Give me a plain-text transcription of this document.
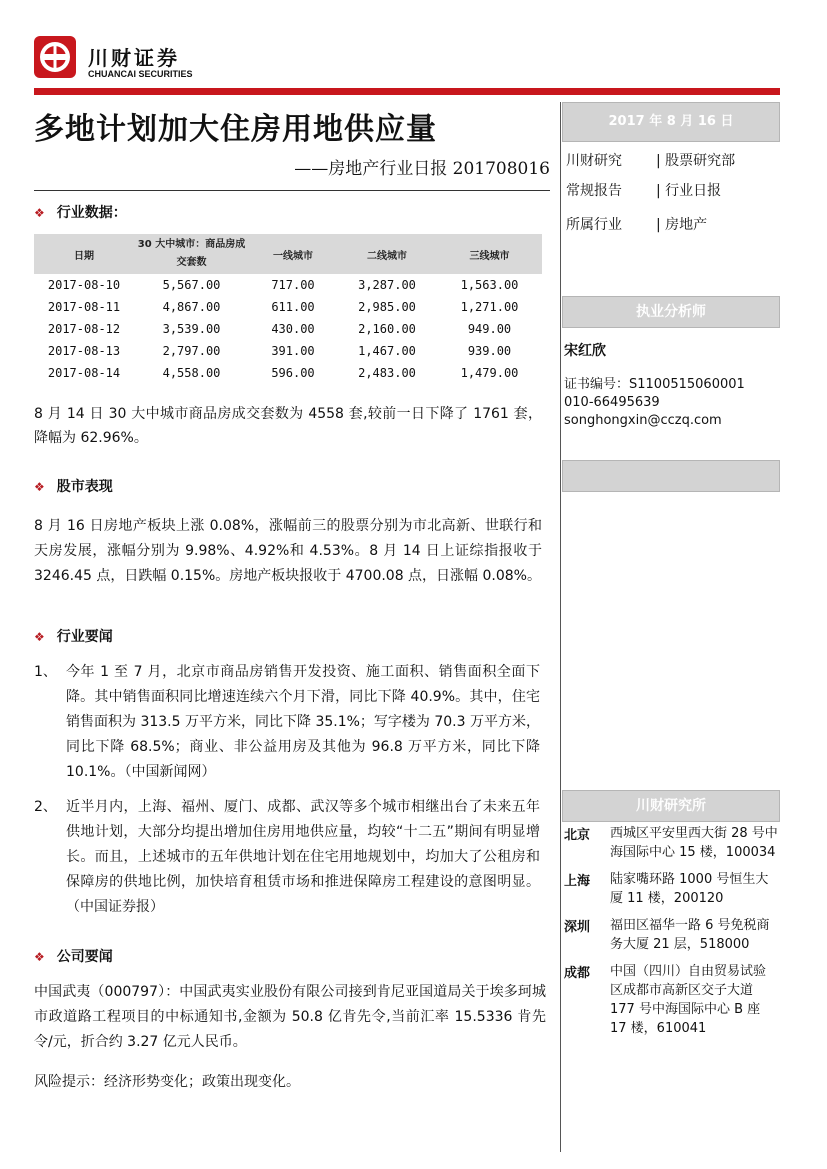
川财证券
CHUANCAI SECURITIES
多地计划加大住房用地供应量
——房地产行业日报 201708016
❖ 行业数据：
日期	30 大中城市：商品房成交套数	一线城市	二线城市	三线城市
2017-08-10	5,567.00	717.00	3,287.00	1,563.00
2017-08-11	4,867.00	611.00	2,985.00	1,271.00
2017-08-12	3,539.00	430.00	2,160.00	949.00
2017-08-13	2,797.00	391.00	1,467.00	939.00
2017-08-14	4,558.00	596.00	2,483.00	1,479.00
8 月 14 日 30 大中城市商品房成交套数为 4558 套,较前一日下降了 1761 套，降幅为 62.96%。
❖ 股市表现
8 月 16 日房地产板块上涨 0.08%，涨幅前三的股票分别为市北高新、世联行和天房发展，涨幅分别为 9.98%、4.92%和 4.53%。8 月 14 日上证综指报收于 3246.45 点，日跌幅 0.15%。房地产板块报收于 4700.08 点，日涨幅 0.08%。
❖ 行业要闻
1、 今年 1 至 7 月，北京市商品房销售开发投资、施工面积、销售面积全面下降。其中销售面积同比增速连续六个月下滑，同比下降 40.9%。其中，住宅销售面积为 313.5 万平方米，同比下降 35.1%；写字楼为 70.3 万平方米，同比下降 68.5%；商业、非公益用房及其他为 96.8 万平方米，同比下降 10.1%。（中国新闻网）
2、 近半月内，上海、福州、厦门、成都、武汉等多个城市相继出台了未来五年供地计划，大部分均提出增加住房用地供应量，均较“十二五”期间有明显增长。而且，上述城市的五年供地计划在住宅用地规划中，均加大了公租房和保障房的供地比例，加快培育租赁市场和推进保障房工程建设的意图明显。（中国证券报）
❖ 公司要闻
中国武夷（000797）：中国武夷实业股份有限公司接到肯尼亚国道局关于埃多珂城市政道路工程项目的中标通知书,金额为 50.8 亿肯先令,当前汇率 15.5336 肯先令/元，折合约 3.27 亿元人民币。
风险提示：经济形势变化；政策出现变化。
2017 年 8 月 16 日
川财研究	| 股票研究部
常规报告	| 行业日报
所属行业	| 房地产
执业分析师
宋红欣
证书编号：S1100515060001
010-66495639
songhongxin@cczq.com
川财研究所
北京	西城区平安里西大街 28 号中海国际中心 15 楼，100034
上海	陆家嘴环路 1000 号恒生大厦 11 楼，200120
深圳	福田区福华一路 6 号免税商务大厦 21 层，518000
成都	中国（四川）自由贸易试验区成都市高新区交子大道 177 号中海国际中心 B 座 17 楼，610041
